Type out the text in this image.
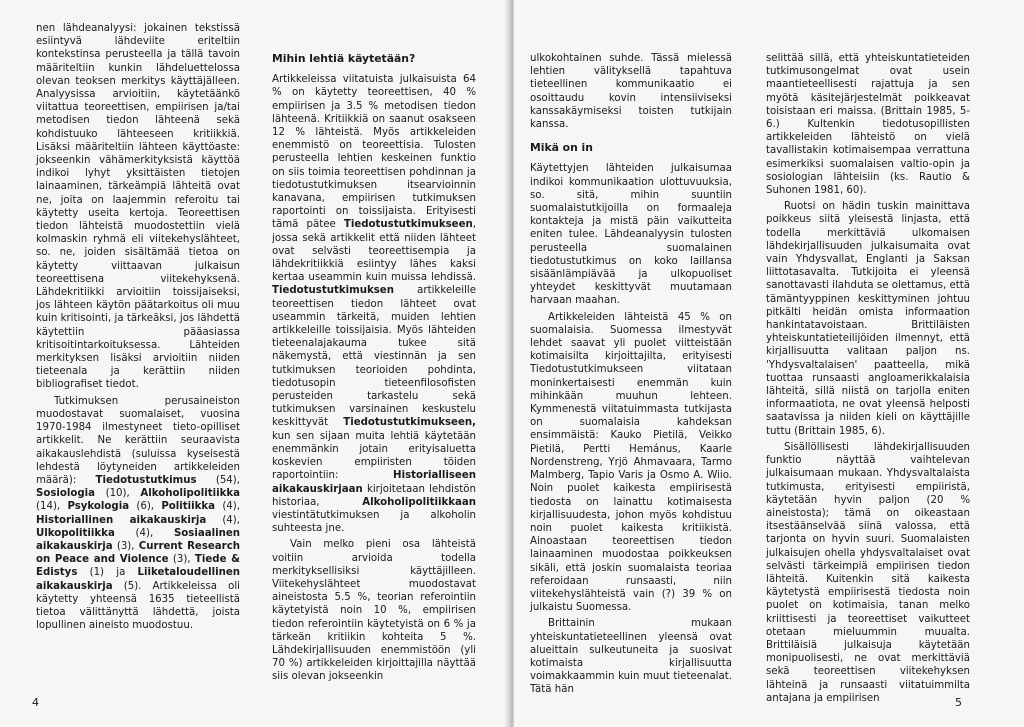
nen lähdeanalyysi: jokainen tekstissä esiintyvä lähdeviite eriteltiin kontekstinsa perusteella ja tällä tavoin määriteltiin kunkin lähdeluettelossa olevan teoksen merkitys käyttäjälleen. Analyysissa arvioitiin, käytetäänkö viitattua teoreettisen, empiirisen ja/tai metodisen tiedon lähteenä sekä kohdistuuko lähteeseen kritiikkiä. Lisäksi määriteltiin lähteen käyttöaste: jokseenkin vähämerkityksistä käyttöä indikoi lyhyt yksittäisten tietojen lainaaminen, tärkeämpiä lähteitä ovat ne, joita on laajemmin referoitu tai käytetty useita kertoja. Teoreettisen tiedon lähteistä muodostettiin vielä kolmaskin ryhmä eli viitekehyslähteet, so. ne, joiden sisältämää tietoa on käytetty viittaavan julkaisun teoreettisena viitekehyksenä. Lähdekritiikki arvioitiin toissijaiseksi, jos lähteen käytön päätarkoitus oli muu kuin kritisointi, ja tärkeäksi, jos lähdettä käytettiin pääasiassa kritisoitintarkoituksessa. Lähteiden merkityksen lisäksi arvioitiin niiden tieteenala ja kerättiin niiden bibliografiset tiedot.

Tutkimuksen perusaineiston muodostavat suomalaiset, vuosina 1970-1984 ilmestyneet tieto-opilliset artikkelit. Ne kerättiin seuraavista aikakauslehdistä (suluissa kyseisestä lehdestä löytyneiden artikkeleiden määrä): Tiedotustutkimus (54), Sosiologia (10), Alkoholipolitiikka (14), Psykologia (6), Politiikka (4), Historiallinen aikakauskirja (4), Ulkopolitiikka (4), Sosiaalinen aikakauskirja (3), Current Research on Peace and Violence (3), Tiede & Edistys (1) ja Liiketaloudellinen aikakauskirja (5). Artikkeleissa oli käytetty yhteensä 1635 tieteellistä tietoa välittänyttä lähdettä, joista lopullinen aineisto muodostuu.

Mihin lehtiä käytetään?

Artikkeleissa viitatuista julkaisuista 64 % on käytetty teoreettisen, 40 % empiirisen ja 3.5 % metodisen tiedon lähteenä. Kritiikkiä on saanut osakseen 12 % lähteistä. Myös artikkeleiden enemmistö on teoreettisia. Tulosten perusteella lehtien keskeinen funktio on siis toimia teoreettisen pohdinnan ja tiedotustutkimuksen itsearvioinnin kanavana, empiirisen tutkimuksen raportointi on toissijaista. Erityisesti tämä pätee Tiedotustutkimukseen, jossa sekä artikkelit että niiden lähteet ovat selvästi teoreettisempia ja lähdekritiikkiä esiintyy lähes kaksi kertaa useammin kuin muissa lehdissä. Tiedotustutkimuksen artikkeleille teoreettisen tiedon lähteet ovat useammin tärkeitä, muiden lehtien artikkeleille toissijaisia. Myös lähteiden tieteenalajakauma tukee sitä näkemystä, että viestinnän ja sen tutkimuksen teorioiden pohdinta, tiedotusopin tieteenfilosofisten perusteiden tarkastelu sekä tutkimuksen varsinainen keskustelu keskittyvät Tiedotustutkimukseen, kun sen sijaan muita lehtiä käytetään enemmänkin jotain erityisaluetta koskevien empiiristen töiden raportointiin: Historialliseen aikakauskirjaan kirjoitetaan lehdistön historiaa, Alkoholipolitiikkaan viestintätutkimuksen ja alkoholin suhteesta jne.

Vain melko pieni osa lähteistä voitiin arvioida todella merkityksellisiksi käyttäjilleen. Viitekehyslähteet muodostavat aineistosta 5.5 %, teorian referointiin käytetyistä noin 10 %, empiirisen tiedon referointiin käytetyistä on 6 % ja tärkeän kritiikin kohteita 5 %. Lähdekirjallisuuden enemmistöön (yli 70 %) artikkeleiden kirjoittajilla näyttää siis olevan jokseenkin

4

ulkokohtainen suhde. Tässä mielessä lehtien välityksellä tapahtuva tieteellinen kommunikaatio ei osoittaudu kovin intensiiviseksi kanssakäymiseksi toisten tutkijain kanssa.

Mikä on in

Käytettyjen lähteiden julkaisumaa indikoi kommunikaation ulottuvuuksia, so. sitä, mihin suuntiin suomalaistutkijoilla on formaaleja kontakteja ja mistä päin vaikutteita eniten tulee. Lähdeanalyysin tulosten perusteella suomalainen tiedotustutkimus on koko laillansa sisäänlämpiävää ja ulkopuoliset yhteydet keskittyvät muutamaan harvaan maahan.

Artikkeleiden lähteistä 45 % on suomalaisia. Suomessa ilmestyvät lehdet saavat yli puolet viitteistään kotimaisilta kirjoittajilta, erityisesti Tiedotustutkimukseen viitataan moninkertaisesti enemmän kuin mihinkään muuhun lehteen. Kymmenestä viitatuimmasta tutkijasta on suomalaisia kahdeksan ensimmäistä: Kauko Pietilä, Veikko Pietilä, Pertti Hemánus, Kaarle Nordenstreng, Yrjö Ahmavaara, Tarmo Malmberg, Tapio Varis ja Osmo A. Wiio. Noin puolet kaikesta empiirisestä tiedosta on lainattu kotimaisesta kirjallisuudesta, johon myös kohdistuu noin puolet kaikesta kritiikistä. Ainoastaan teoreettisen tiedon lainaaminen muodostaa poikkeuksen sikäli, että joskin suomalaista teoriaa referoidaan runsaasti, niin viitekehyslähteistä vain (?) 39 % on julkaistu Suomessa.

Brittainin mukaan yhteiskuntatieteellinen yleensä ovat alueittain sulkeutuneita ja suosivat kotimaista kirjallisuutta voimakkaammin kuin muut tieteenalat. Tätä hän

selittää sillä, että yhteiskuntatieteiden tutkimusongelmat ovat usein maantieteellisesti rajattuja ja sen myötä käsitejärjestelmät poikkeavat toisistaan eri maissa. (Brittain 1985, 5-6.) Kultenkin tiedotusopillisten artikkeleiden lähteistö on vielä tavallistakin kotimaisempaa verrattuna esimerkiksi suomalaisen valtio-opin ja sosiologian lähteisiin (ks. Rautio & Suhonen 1981, 60).

Ruotsi on hädin tuskin mainittava poikkeus siitä yleisestä linjasta, että todella merkittäviä ulkomaisen lähdekirjallisuuden julkaisumaita ovat vain Yhdysvallat, Englanti ja Saksan liittotasavalta. Tutkijoita ei yleensä sanottavasti ilahduta se olettamus, että tämäntyyppinen keskittyminen johtuu pitkälti heidän omista informaation hankintatavoistaan. Brittiläisten yhteiskuntatieteilijöiden ilmennyt, että kirjallisuutta valitaan paljon ns. 'Yhdysvaltalaisen' paatteella, mikä tuottaa runsaasti angloamerikkalaisia lähteitä, sillä niistä on tarjolla eniten informaatiota, ne ovat yleensä helposti saatavissa ja niiden kieli on käyttäjille tuttu (Brittain 1985, 6).

Sisällöllisesti lähdekirjallisuuden funktio näyttää vaihtelevan julkaisumaan mukaan. Yhdysvaltalaista tutkimusta, erityisesti empiiristä, käytetään hyvin paljon (20 % aineistosta); tämä on oikeastaan itsestäänselvää siinä valossa, että tarjonta on hyvin suuri. Suomalaisten julkaisujen ohella yhdysvaltalaiset ovat selvästi tärkeimpiä empiirisen tiedon lähteitä. Kuitenkin sitä kaikesta käytetystä empiirisestä tiedosta noin puolet on kotimaisia, tanan melko kriittisesti ja teoreettiset vaikutteet otetaan mieluummin muualta. Brittiläisiä julkaisuja käytetään monipuolisesti, ne ovat merkittäviä sekä teoreettisen viitekehyksen lähteinä ja runsaasti viitatuimmilta antajana ja empiirisen	5
